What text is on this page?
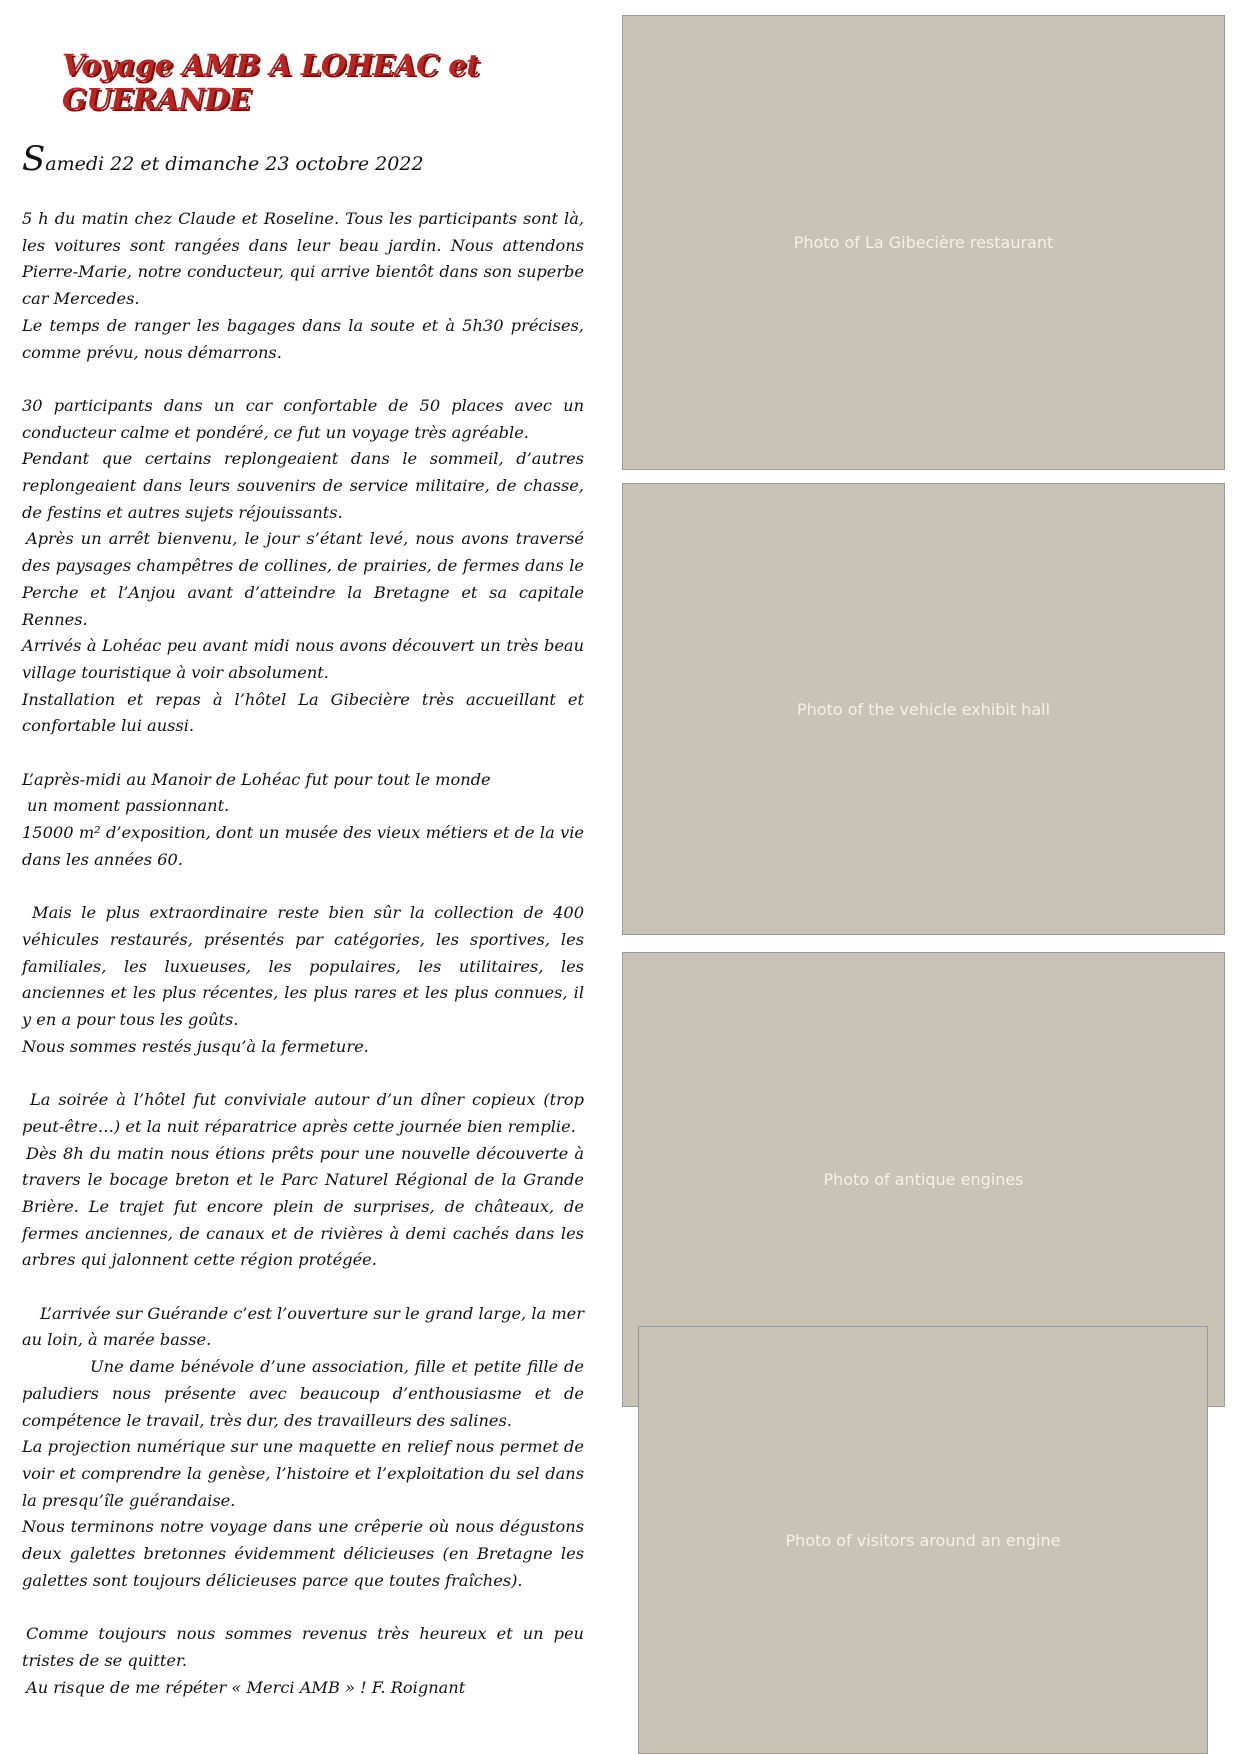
Voyage AMB A LOHEAC et GUERANDE
Samedi 22 et dimanche 23 octobre 2022

5 h du matin chez Claude et Roseline. Tous les participants sont là, les voitures sont rangées dans leur beau jardin. Nous attendons Pierre-Marie, notre conducteur, qui arrive bientôt dans son superbe car Mercedes.

Le temps de ranger les bagages dans la soute et à 5h30 précises, comme prévu, nous démarrons.

30 participants dans un car confortable de 50 places avec un conducteur calme et pondéré, ce fut un voyage très agréable.

Pendant que certains replongeaient dans le sommeil, d’autres replongeaient dans leurs souvenirs de service militaire, de chasse, de festins et autres sujets réjouissants.

Après un arrêt bienvenu, le jour s’étant levé, nous avons traversé des paysages champêtres de collines, de prairies, de fermes dans le Perche et l’Anjou avant d’atteindre la Bretagne et sa capitale Rennes.

Arrivés à Lohéac peu avant midi nous avons découvert un très beau village touristique à voir absolument.

Installation et repas à l’hôtel La Gibecière très accueillant et confortable lui aussi.

L’après-midi au Manoir de Lohéac fut pour tout le monde

un moment passionnant.

15000 m² d’exposition, dont un musée des vieux métiers et de la vie dans les années 60.

Mais le plus extraordinaire reste bien sûr la collection de 400 véhicules restaurés, présentés par catégories, les sportives, les familiales, les luxueuses, les populaires, les utilitaires, les anciennes et les plus récentes, les plus rares et les plus connues, il y en a pour tous les goûts.

Nous sommes restés jusqu’à la fermeture.

La soirée à l’hôtel fut conviviale autour d’un dîner copieux (trop peut-être…) et la nuit réparatrice après cette journée bien remplie.

Dès 8h du matin nous étions prêts pour une nouvelle découverte à travers le bocage breton et le Parc Naturel Régional de la Grande Brière. Le trajet fut encore plein de surprises, de châteaux, de fermes anciennes, de canaux et de rivières à demi cachés dans les arbres qui jalonnent cette région protégée.

L’arrivée sur Guérande c’est l’ouverture sur le grand large, la mer au loin, à marée basse.

Une dame bénévole d’une association, fille et petite fille de paludiers nous présente avec beaucoup d’enthousiasme et de compétence le travail, très dur, des travailleurs des salines.

La projection numérique sur une maquette en relief nous permet de voir et comprendre la genèse, l’histoire et l’exploitation du sel dans la presqu’île guérandaise.

Nous terminons notre voyage dans une crêperie où nous dégustons deux galettes bretonnes évidemment délicieuses (en Bretagne les galettes sont toujours délicieuses parce que toutes fraîches).

Comme toujours nous sommes revenus très heureux et un peu tristes de se quitter.

Au risque de me répéter « Merci AMB » ! F. Roignant

Photo of La Gibecière restaurant
Photo of the vehicle exhibit hall
Photo of antique engines
Photo of visitors around an engine
